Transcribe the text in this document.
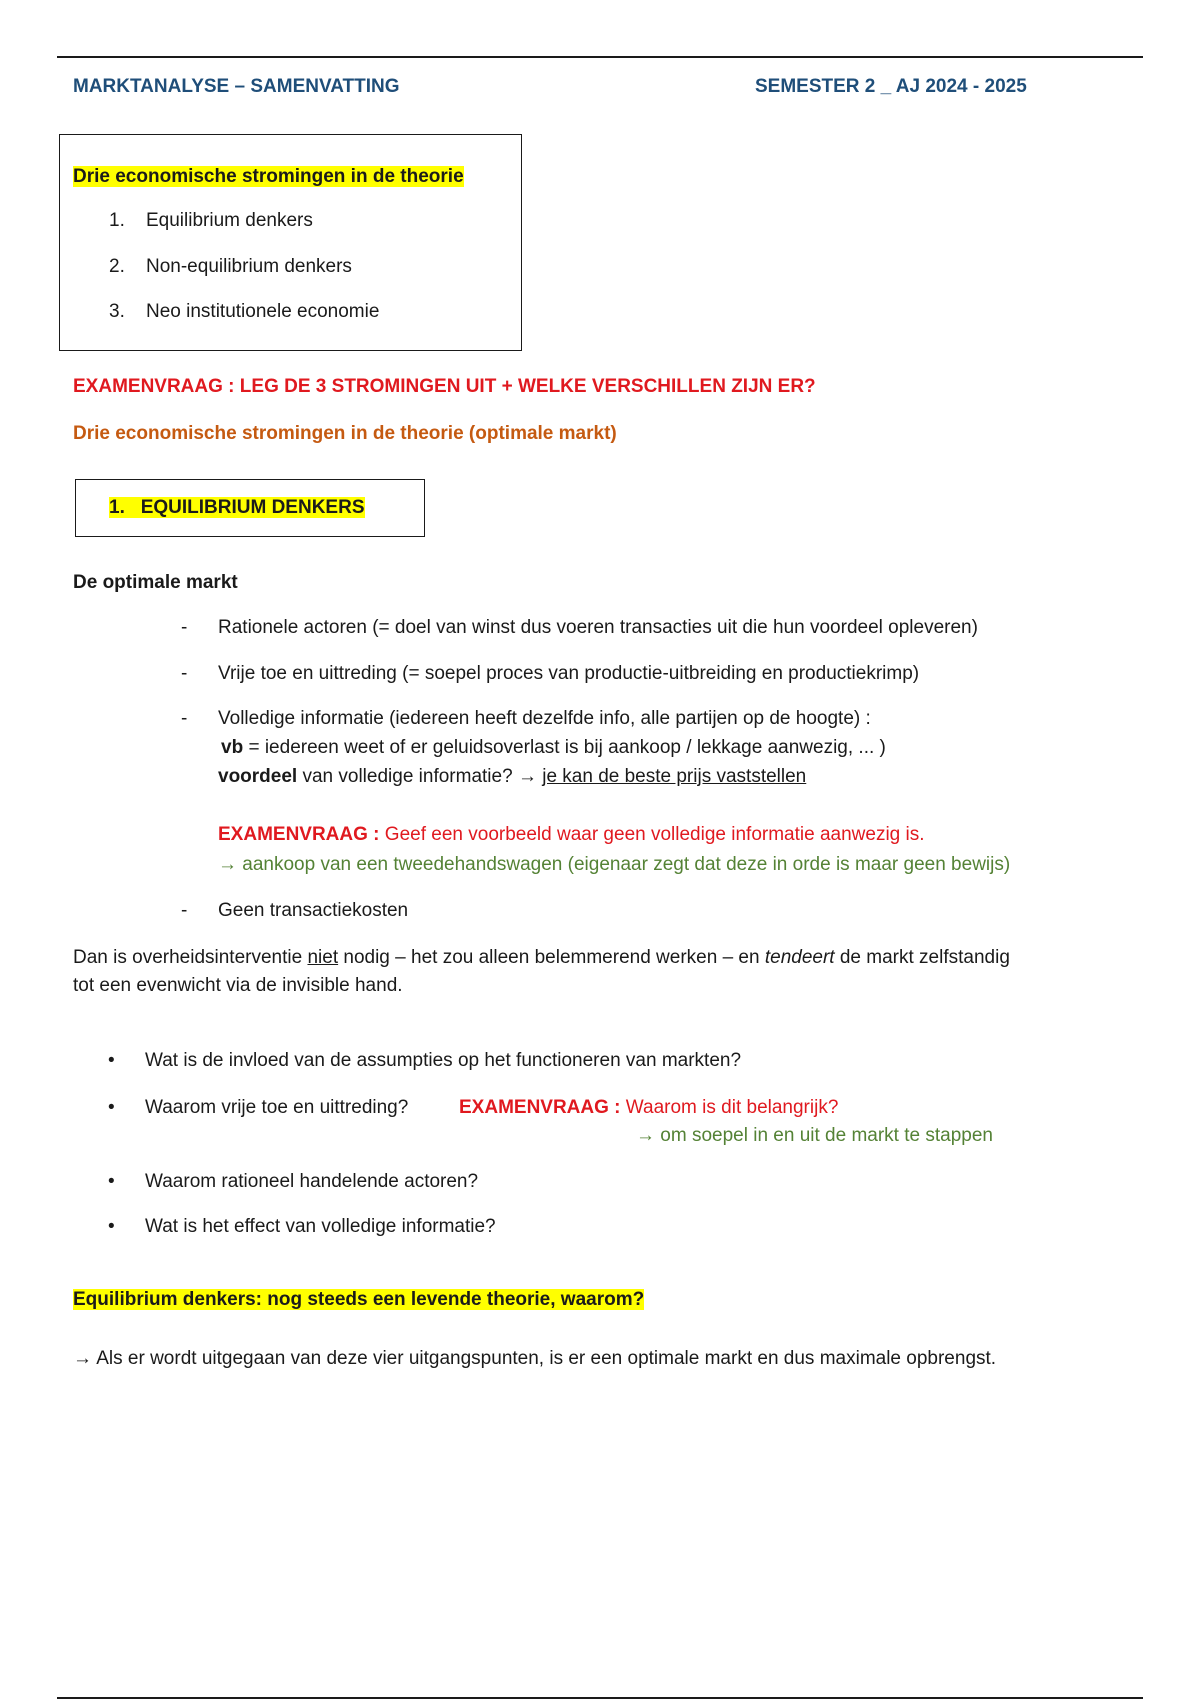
MARKTANALYSE – SAMENVATTING	SEMESTER 2 _ AJ 2024 - 2025
Drie economische stromingen in de theorie
1. Equilibrium denkers
2. Non-equilibrium denkers
3. Neo institutionele economie
EXAMENVRAAG : LEG DE 3 STROMINGEN UIT + WELKE VERSCHILLEN ZIJN ER?
Drie economische stromingen in de theorie (optimale markt)
1. EQUILIBRIUM DENKERS
De optimale markt
- Rationele actoren (= doel van winst dus voeren transacties uit die hun voordeel opleveren)
- Vrije toe en uittreding (= soepel proces van productie-uitbreiding en productiekrimp)
- Volledige informatie (iedereen heeft dezelfde info, alle partijen op de hoogte) :
vb = iedereen weet of er geluidsoverlast is bij aankoop / lekkage aanwezig, ... )
voordeel van volledige informatie? → je kan de beste prijs vaststellen
EXAMENVRAAG : Geef een voorbeeld waar geen volledige informatie aanwezig is.
→ aankoop van een tweedehandswagen (eigenaar zegt dat deze in orde is maar geen bewijs)
- Geen transactiekosten
Dan is overheidsinterventie niet nodig – het zou alleen belemmerend werken – en tendeert de markt zelfstandig
tot een evenwicht via de invisible hand.
• Wat is de invloed van de assumpties op het functioneren van markten?
• Waarom vrije toe en uittreding?	EXAMENVRAAG : Waarom is dit belangrijk?
→ om soepel in en uit de markt te stappen
• Waarom rationeel handelende actoren?
• Wat is het effect van volledige informatie?
Equilibrium denkers: nog steeds een levende theorie, waarom?
→ Als er wordt uitgegaan van deze vier uitgangspunten, is er een optimale markt en dus maximale opbrengst.
